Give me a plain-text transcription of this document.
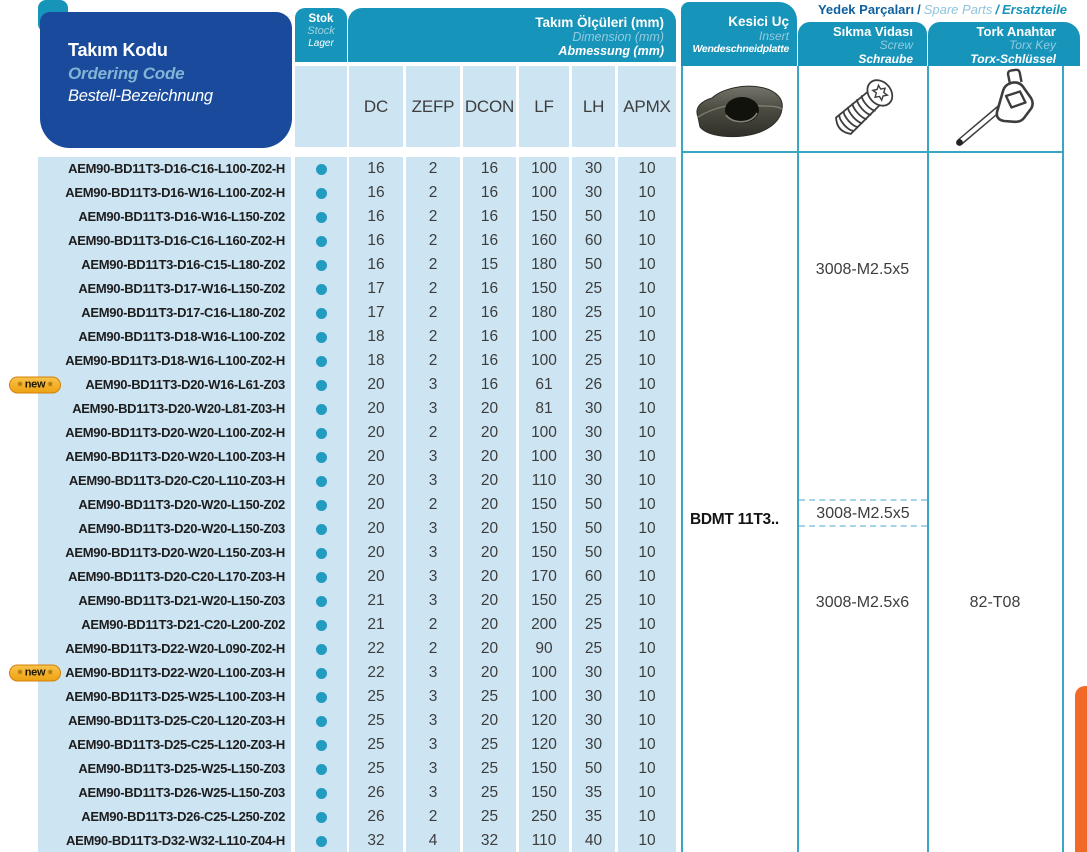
Takım Kodu
Ordering Code
Bestell-Bezeichnung
Stok
Stock
Lager
Takım Ölçüleri (mm)
Dimension (mm)
Abmessung (mm)
Kesici Uç
Insert
Wendeschneidplatte
Yedek Parçaları / Spare Parts / Ersatzteile
Sıkma Vidası
Screw
Schraube
Tork Anahtar
Torx Key
Torx-Schlüssel
DC	ZEFP DCON	LF	LH	APMX
AEM90-BD11T3-D16-C16-L100-Z02-H	16	2	16	100	30	10
AEM90-BD11T3-D16-W16-L100-Z02-H	16	2	16	100	30	10
AEM90-BD11T3-D16-W16-L150-Z02	16	2	16	150	50	10
AEM90-BD11T3-D16-C16-L160-Z02-H	16	2	16	160	60	10
AEM90-BD11T3-D16-C15-L180-Z02	16	2	15	180	50	10
AEM90-BD11T3-D17-W16-L150-Z02	17	2	16	150	25	10
AEM90-BD11T3-D17-C16-L180-Z02	17	2	16	180	25	10
AEM90-BD11T3-D18-W16-L100-Z02	18	2	16	100	25	10
AEM90-BD11T3-D18-W16-L100-Z02-H	18	2	16	100	25	10
✳ new ✳	AEM90-BD11T3-D20-W16-L61-Z03	20	3	16	61	26	10
AEM90-BD11T3-D20-W20-L81-Z03-H	20	3	20	81	30	10
AEM90-BD11T3-D20-W20-L100-Z02-H	20	2	20	100	30	10
AEM90-BD11T3-D20-W20-L100-Z03-H	20	3	20	100	30	10
AEM90-BD11T3-D20-C20-L110-Z03-H	20	3	20	110	30	10
AEM90-BD11T3-D20-W20-L150-Z02	20	2	20	150	50	10
AEM90-BD11T3-D20-W20-L150-Z03	20	3	20	150	50	10
AEM90-BD11T3-D20-W20-L150-Z03-H	20	3	20	150	50	10
AEM90-BD11T3-D20-C20-L170-Z03-H	20	3	20	170	60	10
AEM90-BD11T3-D21-W20-L150-Z03	21	3	20	150	25	10
AEM90-BD11T3-D21-C20-L200-Z02	21	2	20	200	25	10
AEM90-BD11T3-D22-W20-L090-Z02-H	22	2	20	90	25	10
✳ new ✳ AEM90-BD11T3-D22-W20-L100-Z03-H	22	3	20	100	30	10
AEM90-BD11T3-D25-W25-L100-Z03-H	25	3	25	100	30	10
AEM90-BD11T3-D25-C20-L120-Z03-H	25	3	20	120	30	10
AEM90-BD11T3-D25-C25-L120-Z03-H	25	3	25	120	30	10
AEM90-BD11T3-D25-W25-L150-Z03	25	3	25	150	50	10
AEM90-BD11T3-D26-W25-L150-Z03	26	3	25	150	35	10
AEM90-BD11T3-D26-C25-L250-Z02	26	2	25	250	35	10
AEM90-BD11T3-D32-W32-L110-Z04-H	32	4	32	110	40	10
BDMT 11T3..
3008-M2.5x5
3008-M2.5x5
3008-M2.5x6	82-T08
